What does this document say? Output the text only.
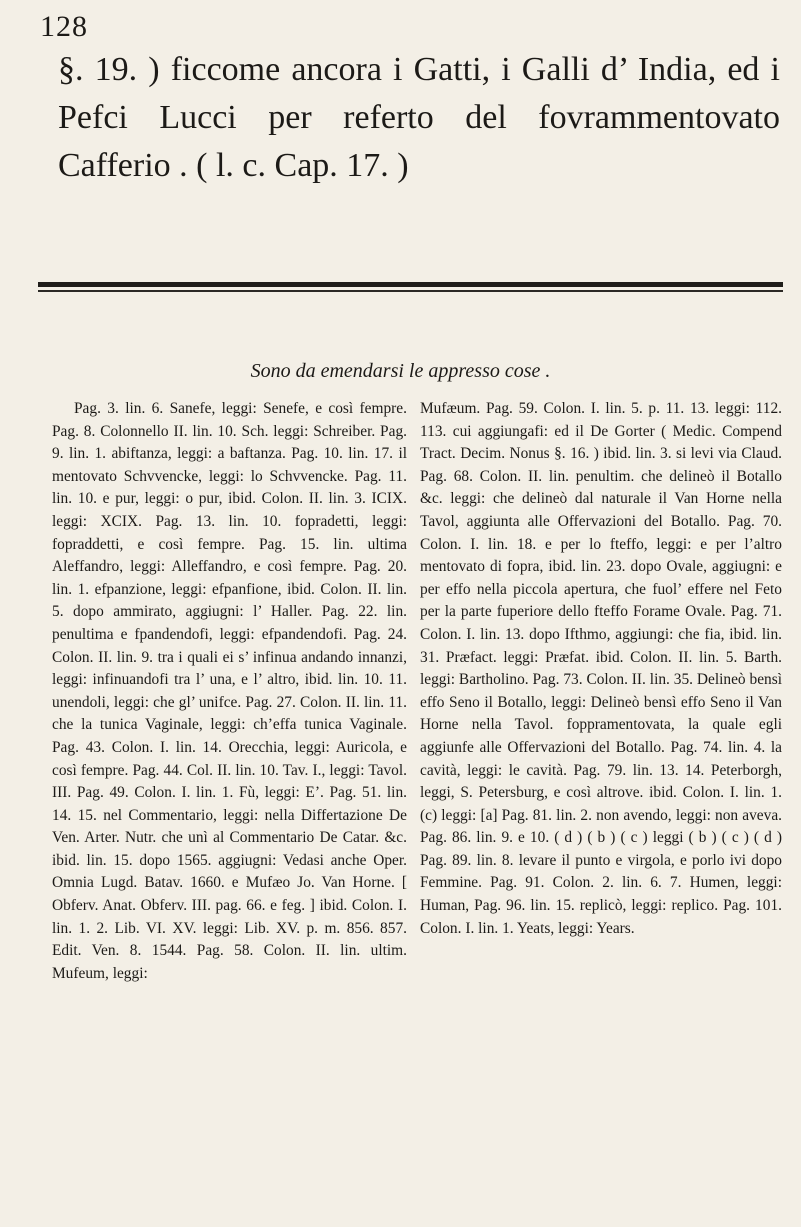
128
§. 19. ) ficcome ancora i Gatti, i Galli d’ India, ed i Pefci Lucci per referto del fovrammentovato Cafferio . ( l. c. Cap. 17. )
Sono da emendarsi le appresso cose .

Pag. 3. lin. 6. Sanefe, leggi: Senefe, e così fempre. Pag. 8. Colonnello II. lin. 10. Sch. leggi: Schreiber. Pag. 9. lin. 1. abiftanza, leggi: a baftanza. Pag. 10. lin. 17. il mentovato Schvvencke, leggi: lo Schvvencke. Pag. 11. lin. 10. e pur, leggi: o pur, ibid. Colon. II. lin. 3. ICIX. leggi: XCIX. Pag. 13. lin. 10. fopradetti, leggi: fopraddetti, e così fempre. Pag. 15. lin. ultima Aleffandro, leggi: Alleffandro, e così fempre. Pag. 20. lin. 1. efpanzione, leggi: efpanfione, ibid. Colon. II. lin. 5. dopo ammirato, aggiugni: l’ Haller. Pag. 22. lin. penultima e fpandendofi, leggi: efpandendofi. Pag. 24. Colon. II. lin. 9. tra i quali ei s’ infinua andando innanzi, leggi: infinuandofi tra l’ una, e l’ altro, ibid. lin. 10. 11. unendoli, leggi: che gl’ unifce. Pag. 27. Colon. II. lin. 11. che la tunica Vaginale, leggi: ch’effa tunica Vaginale. Pag. 43. Colon. I. lin. 14. Orecchia, leggi: Auricola, e così fempre. Pag. 44. Col. II. lin. 10. Tav. I., leggi: Tavol. III. Pag. 49. Colon. I. lin. 1. Fù, leggi: E’. Pag. 51. lin. 14. 15. nel Commentario, leggi: nella Differtazione De Ven. Arter. Nutr. che unì al Commentario De Catar. &c. ibid. lin. 15. dopo 1565. aggiugni: Vedasi anche Oper. Omnia Lugd. Batav. 1660. e Mufæo Jo. Van Horne. [ Obferv. Anat. Obferv. III. pag. 66. e feg. ] ibid. Colon. I. lin. 1. 2. Lib. VI. XV. leggi: Lib. XV. p. m. 856. 857. Edit. Ven. 8. 1544. Pag. 58. Colon. II. lin. ultim. Mufeum, leggi:

Mufæum. Pag. 59. Colon. I. lin. 5. p. 11. 13. leggi: 112. 113. cui aggiungafi: ed il De Gorter ( Medic. Compend Tract. Decim. Nonus §. 16. ) ibid. lin. 3. si levi via Claud. Pag. 68. Colon. II. lin. penultim. che delineò il Botallo &c. leggi: che delineò dal naturale il Van Horne nella Tavol, aggiunta alle Offervazioni del Botallo. Pag. 70. Colon. I. lin. 18. e per lo fteffo, leggi: e per l’altro mentovato di fopra, ibid. lin. 23. dopo Ovale, aggiugni: e per effo nella piccola apertura, che fuol’ effere nel Feto per la parte fuperiore dello fteffo Forame Ovale. Pag. 71. Colon. I. lin. 13. dopo Ifthmo, aggiungi: che fia, ibid. lin. 31. Præfact. leggi: Præfat. ibid. Colon. II. lin. 5. Barth. leggi: Bartholino. Pag. 73. Colon. II. lin. 35. Delineò bensì effo Seno il Botallo, leggi: Delineò bensì effo Seno il Van Horne nella Tavol. foppramentovata, la quale egli aggiunfe alle Offervazioni del Botallo. Pag. 74. lin. 4. la cavità, leggi: le cavità. Pag. 79. lin. 13. 14. Peterborgh, leggi, S. Petersburg, e così altrove. ibid. Colon. I. lin. 1. (c) leggi: [a] Pag. 81. lin. 2. non avendo, leggi: non aveva. Pag. 86. lin. 9. e 10. ( d ) ( b ) ( c ) leggi ( b ) ( c ) ( d ) Pag. 89. lin. 8. levare il punto e virgola, e porlo ivi dopo Femmine. Pag. 91. Colon. 2. lin. 6. 7. Humen, leggi: Human, Pag. 96. lin. 15. replicò, leggi: replico. Pag. 101. Colon. I. lin. 1. Yeats, leggi: Years.
